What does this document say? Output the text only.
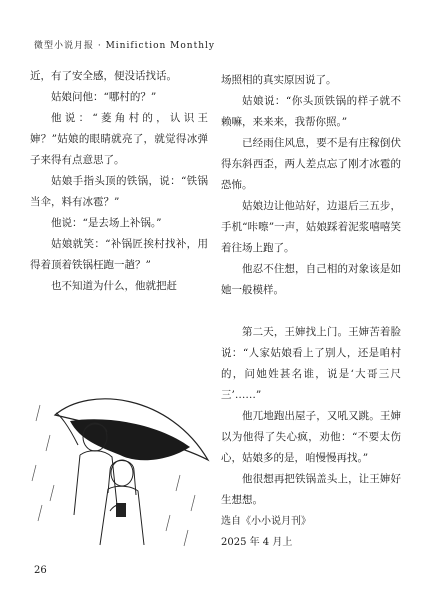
微型小说月报 · Minifiction Monthly

近，有了安全感，便没话找话。

姑娘问他：“哪村的？”

他说：“菱角村的，认识王婶？”姑娘的眼睛就亮了，就觉得冰弹子来得有点意思了。

姑娘手指头顶的铁锅，说：“铁锅当伞，料有冰雹？”

他说：“是去场上补锅。”

姑娘就笑：“补锅匠挨村找补，用得着顶着铁锅枉跑一趟？”

也不知道为什么，他就把赶

场照相的真实原因说了。

姑娘说：“你头顶铁锅的样子就不赖嘛，来来来，我帮你照。”

已经雨住风息，要不是有庄稼倒伏得东斜西歪，两人差点忘了刚才冰雹的恐怖。

姑娘边让他站好，边退后三五步，手机“咔嚓”一声，姑娘踩着泥浆嘻嘻笑着往场上跑了。

他忍不住想，自己相的对象该是如她一般模样。

第二天，王婶找上门。王婶苦着脸说：“人家姑娘看上了别人，还是咱村的，问她姓甚名谁，说是‘大哥三尺三’……”

他兀地跑出屋子，又吼又跳。王婶以为他得了失心疯，劝他：“不要太伤心，姑娘多的是，咱慢慢再找。”

他很想再把铁锅盖头上，让王婶好生想想。

选自《小小说月刊》

2025 年 4 月上

26
